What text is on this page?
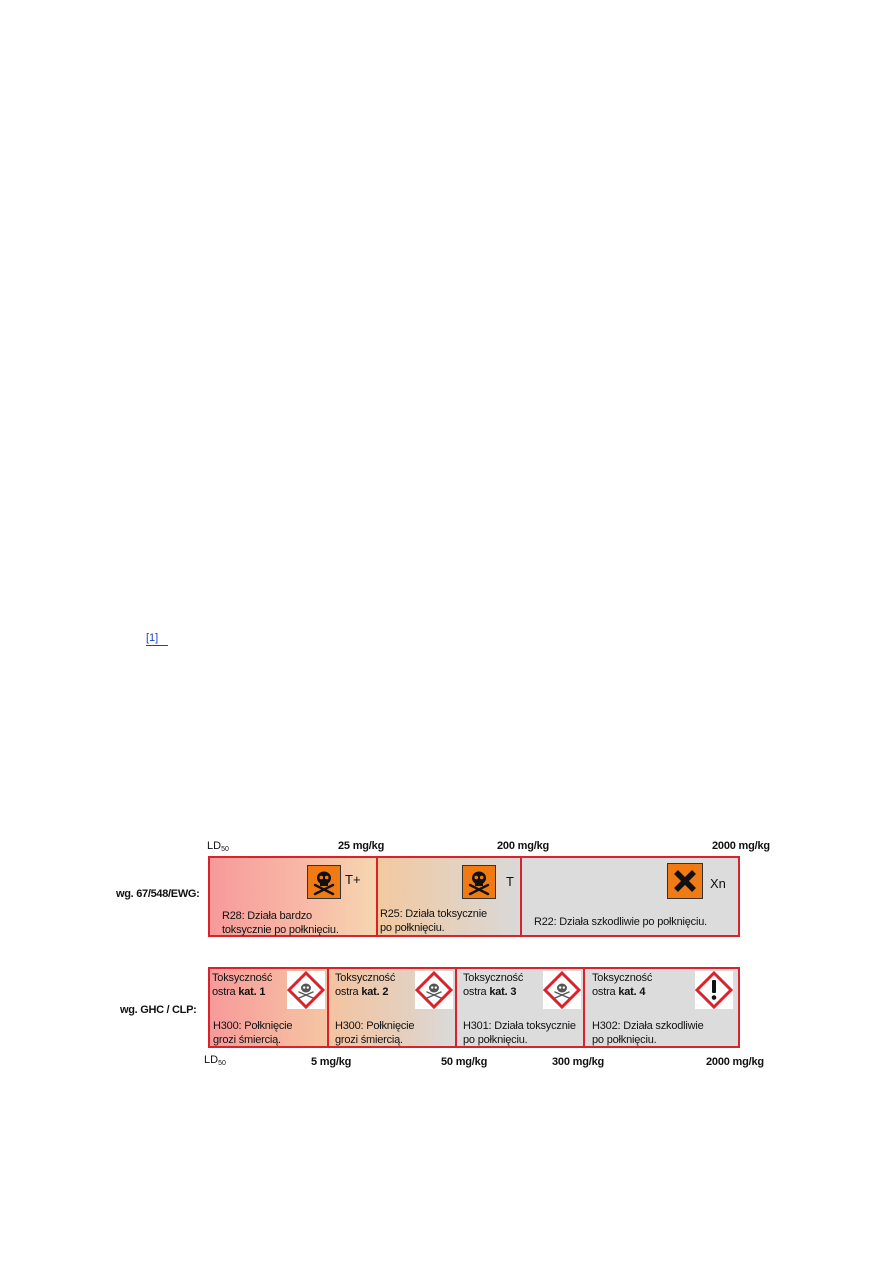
[1]
$LD_{50}$	25 mg/kg	200 mg/kg	2000 mg/kg
wg. 67/548/EWG:
T+
R28: Działa bardzo
toksycznie po połknięciu.
T
R25: Działa toksycznie
po połknięciu.
Xn
R22: Działa szkodliwie po połknięciu.
wg. GHC / CLP:
Toksyczność
ostra kat. 1
H300: Połknięcie
grozi śmiercią.
Toksyczność
ostra kat. 2
H300: Połknięcie
grozi śmiercią.
Toksyczność
ostra kat. 3
H301: Działa toksycznie
po połknięciu.
Toksyczność
ostra kat. 4
H302: Działa szkodliwie
po połknięciu.
$LD_{50}$	5 mg/kg	50 mg/kg	300 mg/kg	2000 mg/kg
